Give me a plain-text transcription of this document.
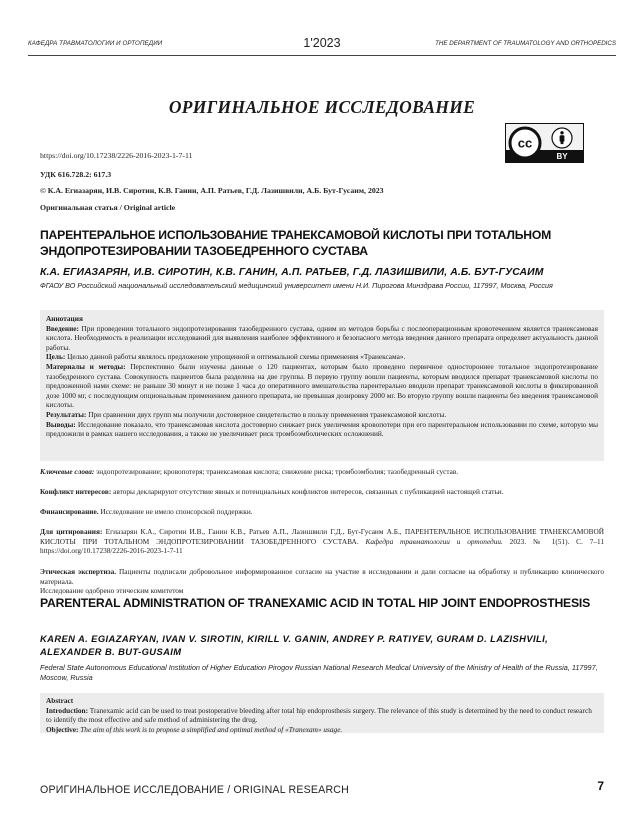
КАФЕДРА ТРАВМАТОЛОГИИ И ОРТОПЕДИИ	1'2023	THE DEPARTMENT OF TRAUMATOLOGY AND ORTHOPEDICS
ОРИГИНАЛЬНОЕ ИССЛЕДОВАНИЕ
cc
BY
https://doi.org/10.17238/2226-2016-2023-1-7-11
УДК 616.728.2: 617.3
© К.А. Егиазарян, И.В. Сиротин, К.В. Ганин, А.П. Ратьев, Г.Д. Лазишвили, А.Б. Бут-Гусаим, 2023
Оригинальная статья / Original article
ПАРЕНТЕРАЛЬНОЕ ИСПОЛЬЗОВАНИЕ ТРАНЕКСАМОВОЙ КИСЛОТЫ ПРИ ТОТАЛЬНОМ
ЭНДОПРОТЕЗИРОВАНИИ ТАЗОБЕДРЕННОГО СУСТАВА
К.А. ЕГИАЗАРЯН, И.В. СИРОТИН, К.В. ГАНИН, А.П. РАТЬЕВ, Г.Д. ЛАЗИШВИЛИ, А.Б. БУТ-ГУСАИМ
ФГАОУ ВО Российский национальный исследовательский медицинский университет имени Н.И. Пирогова Минздрава России, 117997, Москва, Россия

Аннотация

Введение: При проведении тотального эндопротезирования тазобедренного сустава, одним из методов борьбы с послеоперационным кровотечением является транексамовая кислота. Необходимость в реализации исследований для выявления наиболее эффективного и безопасного метода введения данного препарата определяет актуальность данной работы.

Цель: Целью данной работы являлось предложение упрощенной и оптимальной схемы применения «Транексама».

Материалы и методы: Перспективно были изучены данные о 120 пациентах, которым было проведено первичное одностороннее тотальное эндопротезирование тазобедренного сустава. Совокупность пациентов была разделена на две группы. В первую группу вошли пациенты, которым вводился препарат транексамовой кислоты по предложенной нами схеме: не раньше 30 минут и не позже 1 часа до оперативного вмешательства парентерально вводили препарат транексамовой кислоты в фиксированной дозе 1000 мг, с последующим опциональным применением данного препарата, не превышая дозировку 2000 мг. Во вторую группу вошли пациенты без введения транексамовой кислоты.

Результаты: При сравнении двух групп мы получили достоверное свидетельство в пользу применения транексамовой кислоты.

Выводы: Исследование показало, что транексамовая кислота достоверно снижает риск увеличения кровопотери при его парентеральном использовании по схеме, которую мы предложили в рамках нашего исследования, а также не увеличивает риск тромбоэмболических осложнений.

Ключевые слова: эндопротезирование; кровопотеря; транексамовая кислота; снижение риска; тромбоэмболия; тазобедренный сустав.
Конфликт интересов: авторы декларируют отсутствие явных и потенциальных конфликтов интересов, связанных с публикацией настоящей статьи.
Финансирование. Исследование не имело спонсорской поддержки.
Для цитирования: Егиазарян К.А., Сиротин И.В., Ганин К.В., Ратьев А.П., Лазишвили Г.Д., Бут-Гусаим А.Б., ПАРЕНТЕРАЛЬНОЕ ИСПОЛЬЗОВАНИЕ ТРАНЕКСАМОВОЙ КИСЛОТЫ ПРИ ТОТАЛЬНОМ ЭНДОПРОТЕЗИРОВАНИИ ТАЗОБЕДРЕННОГО СУСТАВА. Кафедра травматологии и ортопедии. 2023. № 1(51). С. 7–11 https://doi.org/10.17238/2226-2016-2023-1-7-11
Этическая экспертиза. Пациенты подписали добровольное информированное согласие на участие в исследовании и дали согласие на обработку и публикацию клинического материала.
Исследование одобрено этическим комитетом
PARENTERAL ADMINISTRATION OF TRANEXAMIC ACID IN TOTAL HIP JOINT ENDOPROSTHESIS
KAREN A. EGIAZARYAN, IVAN V. SIROTIN, KIRILL V. GANIN, ANDREY P. RATIYEV, GURAM D. LAZISHVILI, ALEXANDER B. BUT-GUSAIM
Federal State Autonomous Educational Institution of Higher Education Pirogov Russian National Research Medical University of the Ministry of Health of the Russia, 117997, Moscow, Russia
Abstract
Introduction: Tranexamic acid can be used to treat postoperative bleeding after total hip endoprosthesis surgery. The relevance of this study is determined by the need to conduct research to identify the most effective and safe method of administering the drug.
Objective: The aim of this work is to propose a simplified and optimal method of «Tranexam» usage.
ОРИГИНАЛЬНОЕ ИССЛЕДОВАНИЕ / ORIGINAL RESEARCH	7
